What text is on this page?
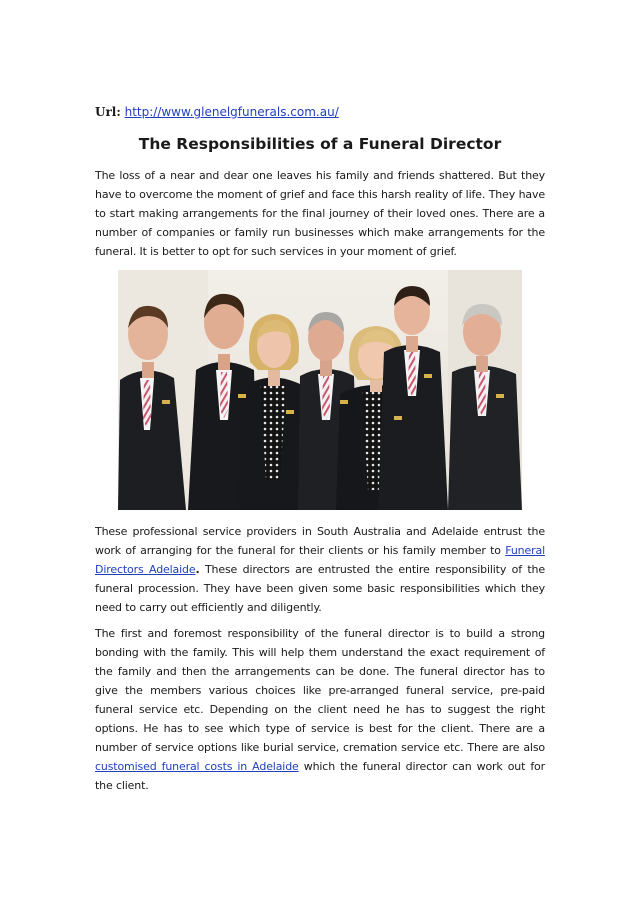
Url: http://www.glenelgfunerals.com.au/
The Responsibilities of a Funeral Director

The loss of a near and dear one leaves his family and friends shattered. But they have to overcome the moment of grief and face this harsh reality of life. They have to start making arrangements for the final journey of their loved ones. There are a number of companies or family run businesses which make arrangements for the funeral. It is better to opt for such services in your moment of grief.

These professional service providers in South Australia and Adelaide entrust the work of arranging for the funeral for their clients or his family member to Funeral Directors Adelaide. These directors are entrusted the entire responsibility of the funeral procession. They have been given some basic responsibilities which they need to carry out efficiently and diligently.

The first and foremost responsibility of the funeral director is to build a strong bonding with the family. This will help them understand the exact requirement of the family and then the arrangements can be done. The funeral director has to give the members various choices like pre-arranged funeral service, pre-paid funeral service etc. Depending on the client need he has to suggest the right options. He has to see which type of service is best for the client. There are a number of service options like burial service, cremation service etc. There are also customised funeral costs in Adelaide which the funeral director can work out for the client.
